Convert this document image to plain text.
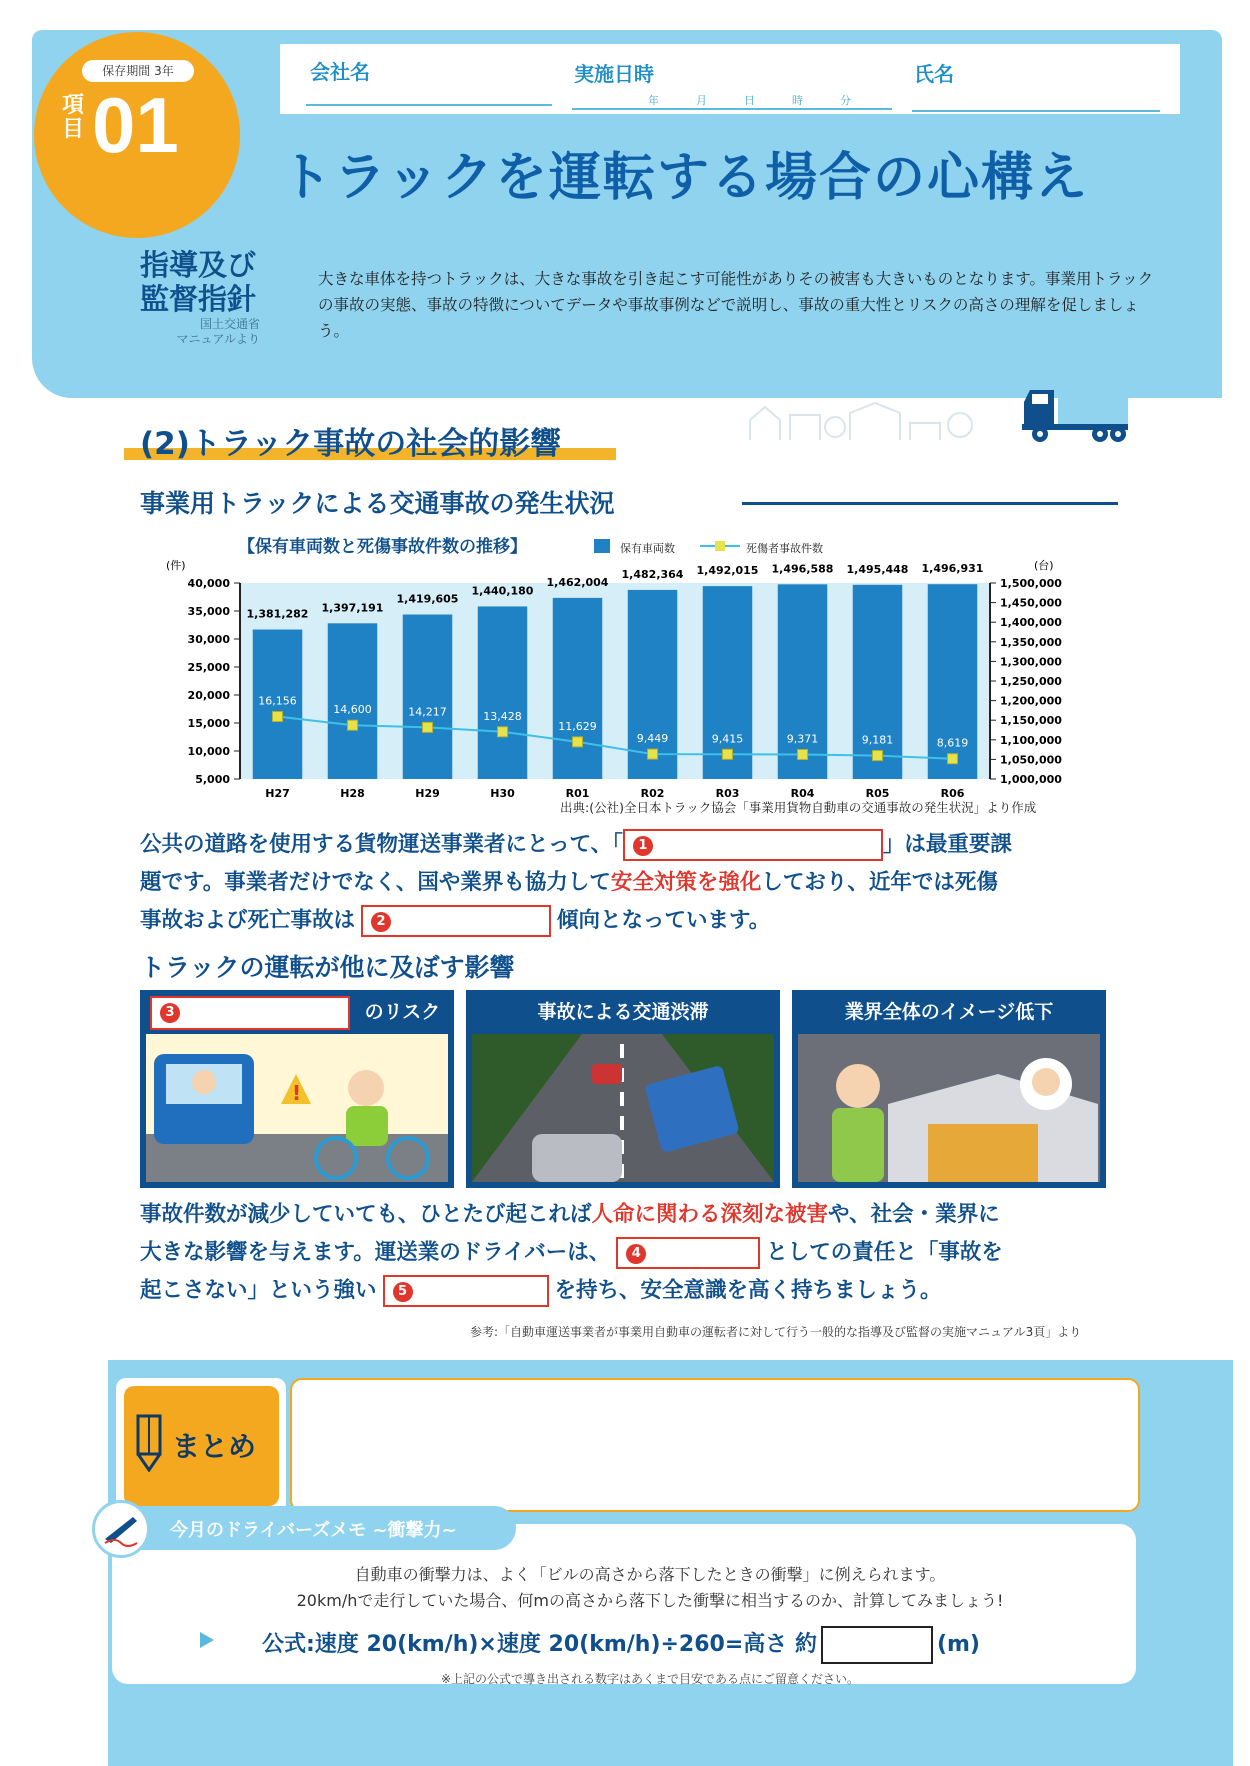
保存期間 3年
項目 01
会社名	実施日時
年	月	日	時	分
氏名
トラックを運転する場合の心構え
指導及び
監督指針
国土交通省
マニュアルより
大きな車体を持つトラックは、大きな事故を引き起こす可能性がありその被害も大きいものとなります。事業用トラックの事故の実態、事故の特徴についてデータや事故事例などで説明し、事故の重大性とリスクの高さの理解を促しましょう。
(2)トラック事故の社会的影響
事業用トラックによる交通事故の発生状況
【保有車両数と死傷事故件数の推移】	保有車両数	死傷者事故件数
(件)	(台)
40,000
35,000
30,000
25,000
20,000
15,000
10,000
5,000
1,500,000
1,450,000
1,400,000
1,350,000
1,300,000
1,250,000
1,200,000
1,150,000
1,100,000
1,050,000
1,000,000
1,381,282
H27
1,397,191
H28
1,419,605
H29
1,440,180
H30
1,462,004
R01
1,482,364
R02
1,492,015
R03
1,496,588
R04
1,495,448
R05
1,496,931
R06
16,156
14,600	14,217	13,428
11,629
9,449	9,415	9,371	9,181	8,619
出典:(公社)全日本トラック協会「事業用貨物自動車の交通事故の発生状況」より作成
公共の道路を使用する貨物運送事業者にとって、「	1	」は最重要課
題です。事業者だけでなく、国や業界も協力して安全対策を強化しており、近年では死傷
事故および死亡事故は	2	傾向となっています。
トラックの運転が他に及ぼす影響
3	のリスク
!
事故による交通渋滞	業界全体のイメージ低下
事故件数が減少していても、ひとたび起これば人命に関わる深刻な被害や、社会・業界に
大きな影響を与えます。運送業のドライバーは、	4	としての責任と「事故を
起こさない」という強い	5	を持ち、安全意識を高く持ちましょう。
参考:「自動車運送事業者が事業用自動車の運転者に対して行う一般的な指導及び監督の実施マニュアル3頁」より
まとめ
今月のドライバーズメモ ~衝撃力~
自動車の衝撃力は、よく「ビルの高さから落下したときの衝撃」に例えられます。
20km/hで走行していた場合、何mの高さから落下した衝撃に相当するのか、計算してみましょう!
公式:速度 20(km/h)×速度 20(km/h)÷260=高さ 約	(m)
※上記の公式で導き出される数字はあくまで目安である点にご留意ください。
